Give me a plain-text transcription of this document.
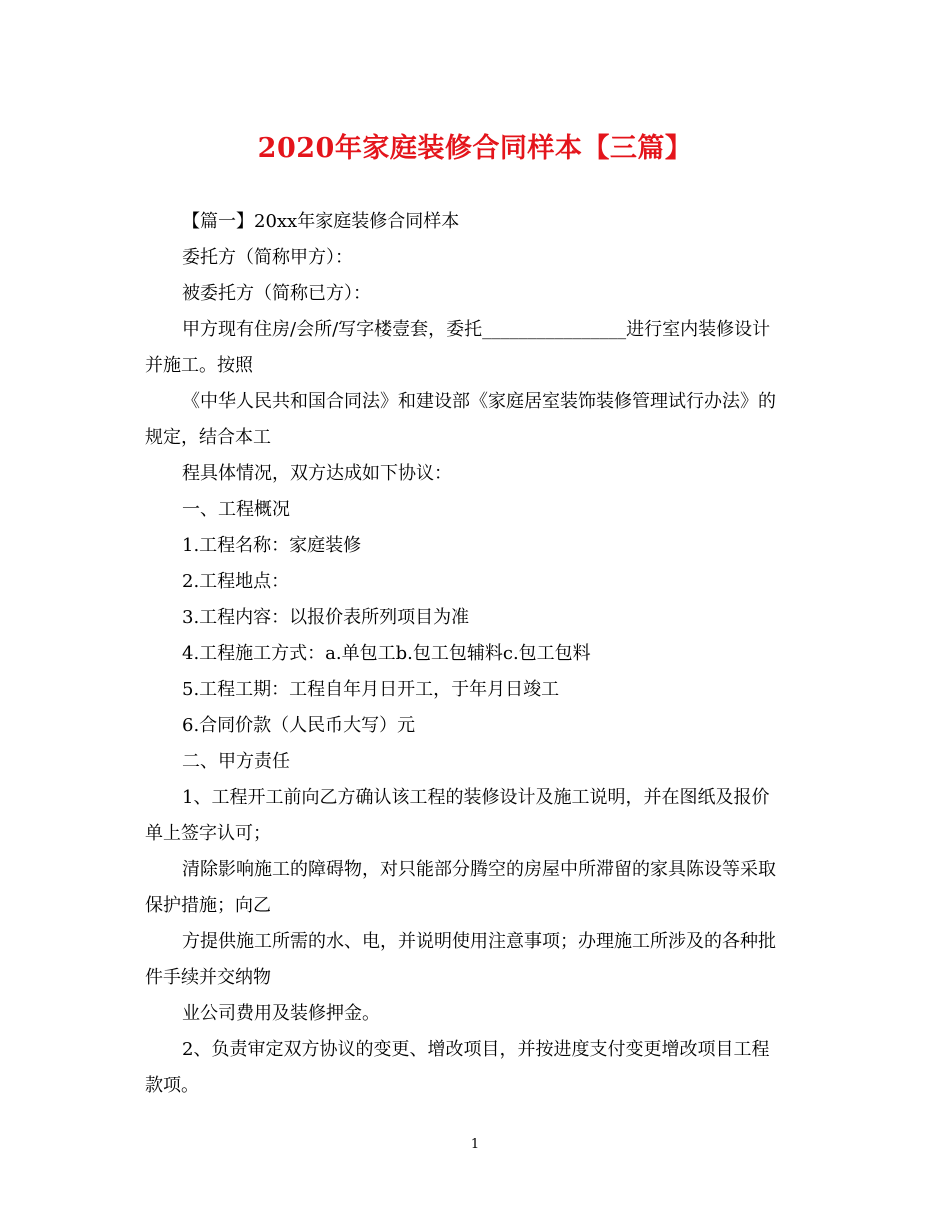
2020年家庭装修合同样本【三篇】
【篇一】20xx年家庭装修合同样本
委托方（简称甲方）：
被委托方（简称已方）：
甲方现有住房/会所/写字楼壹套，委托________________进行室内装修设计
并施工。按照
《中华人民共和国合同法》和建设部《家庭居室装饰装修管理试行办法》的
规定，结合本工
程具体情况，双方达成如下协议：
一、工程概况
1.工程名称：家庭装修
2.工程地点：
3.工程内容：以报价表所列项目为准
4.工程施工方式：a.单包工b.包工包辅料c.包工包料
5.工程工期：工程自年月日开工，于年月日竣工
6.合同价款（人民币大写）元
二、甲方责任
1、工程开工前向乙方确认该工程的装修设计及施工说明，并在图纸及报价
单上签字认可；
清除影响施工的障碍物，对只能部分腾空的房屋中所滞留的家具陈设等采取
保护措施；向乙
方提供施工所需的水、电，并说明使用注意事项；办理施工所涉及的各种批
件手续并交纳物
业公司费用及装修押金。
2、负责审定双方协议的变更、增改项目，并按进度支付变更增改项目工程
款项。
1
